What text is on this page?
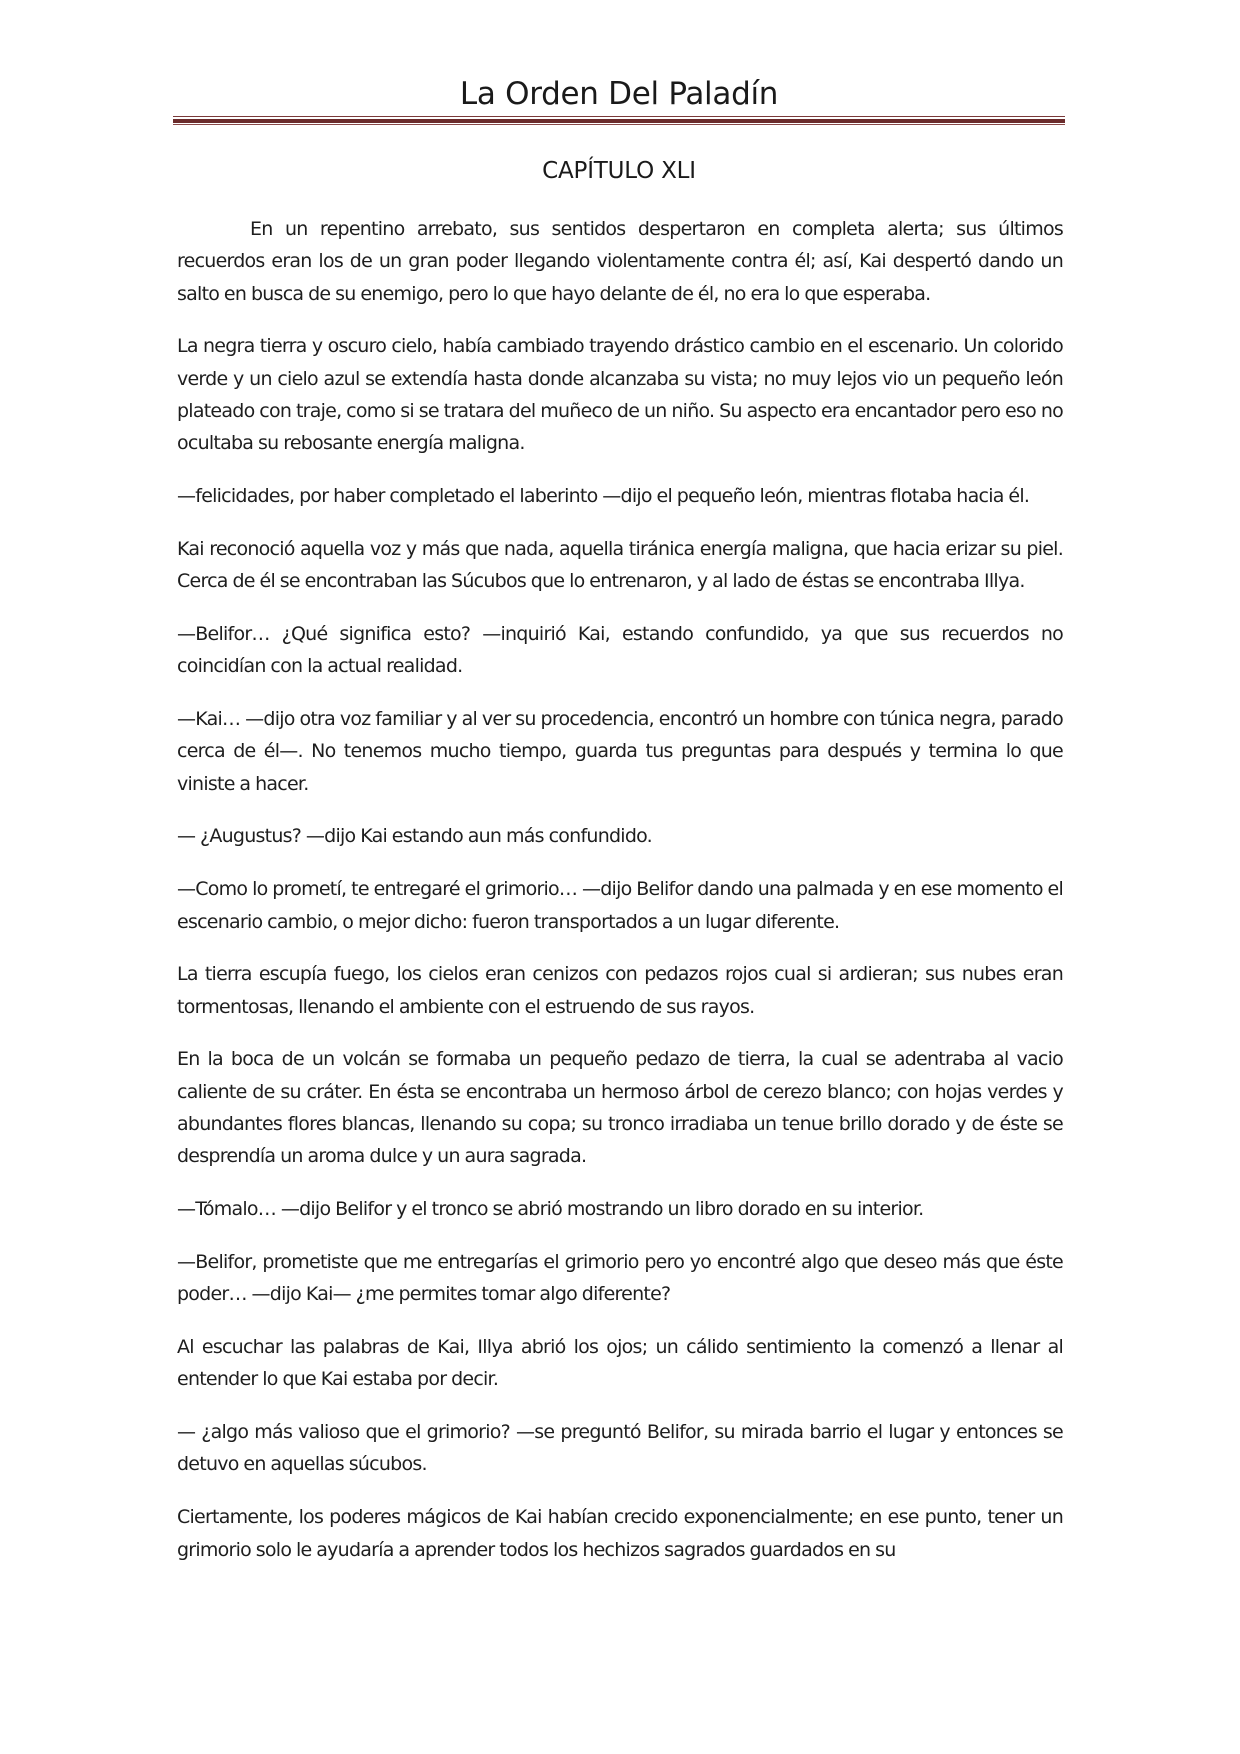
La Orden Del Paladín
CAPÍTULO XLI

En un repentino arrebato, sus sentidos despertaron en completa alerta; sus últimos recuerdos eran los de un gran poder llegando violentamente contra él; así, Kai despertó dando un salto en busca de su enemigo, pero lo que hayo delante de él, no era lo que esperaba.

La negra tierra y oscuro cielo, había cambiado trayendo drástico cambio en el escenario. Un colorido verde y un cielo azul se extendía hasta donde alcanzaba su vista; no muy lejos vio un pequeño león plateado con traje, como si se tratara del muñeco de un niño. Su aspecto era encantador pero eso no ocultaba su rebosante energía maligna.

—felicidades, por haber completado el laberinto —dijo el pequeño león, mientras flotaba hacia él.

Kai reconoció aquella voz y más que nada, aquella tiránica energía maligna, que hacia erizar su piel. Cerca de él se encontraban las Súcubos que lo entrenaron, y al lado de éstas se encontraba Illya.

—Belifor… ¿Qué significa esto? —inquirió Kai, estando confundido, ya que sus recuerdos no coincidían con la actual realidad.

—Kai… —dijo otra voz familiar y al ver su procedencia, encontró un hombre con túnica negra, parado cerca de él—. No tenemos mucho tiempo, guarda tus preguntas para después y termina lo que viniste a hacer.

— ¿Augustus? —dijo Kai estando aun más confundido.

—Como lo prometí, te entregaré el grimorio… —dijo Belifor dando una palmada y en ese momento el escenario cambio, o mejor dicho: fueron transportados a un lugar diferente.

La tierra escupía fuego, los cielos eran cenizos con pedazos rojos cual si ardieran; sus nubes eran tormentosas, llenando el ambiente con el estruendo de sus rayos.

En la boca de un volcán se formaba un pequeño pedazo de tierra, la cual se adentraba al vacio caliente de su cráter. En ésta se encontraba un hermoso árbol de cerezo blanco; con hojas verdes y abundantes flores blancas, llenando su copa; su tronco irradiaba un tenue brillo dorado y de éste se desprendía un aroma dulce y un aura sagrada.

—Tómalo… —dijo Belifor y el tronco se abrió mostrando un libro dorado en su interior.

—Belifor, prometiste que me entregarías el grimorio pero yo encontré algo que deseo más que éste poder… —dijo Kai— ¿me permites tomar algo diferente?

Al escuchar las palabras de Kai, Illya abrió los ojos; un cálido sentimiento la comenzó a llenar al entender lo que Kai estaba por decir.

— ¿algo más valioso que el grimorio? —se preguntó Belifor, su mirada barrio el lugar y entonces se detuvo en aquellas súcubos.

Ciertamente, los poderes mágicos de Kai habían crecido exponencialmente; en ese punto, tener un grimorio solo le ayudaría a aprender todos los hechizos sagrados guardados en su
